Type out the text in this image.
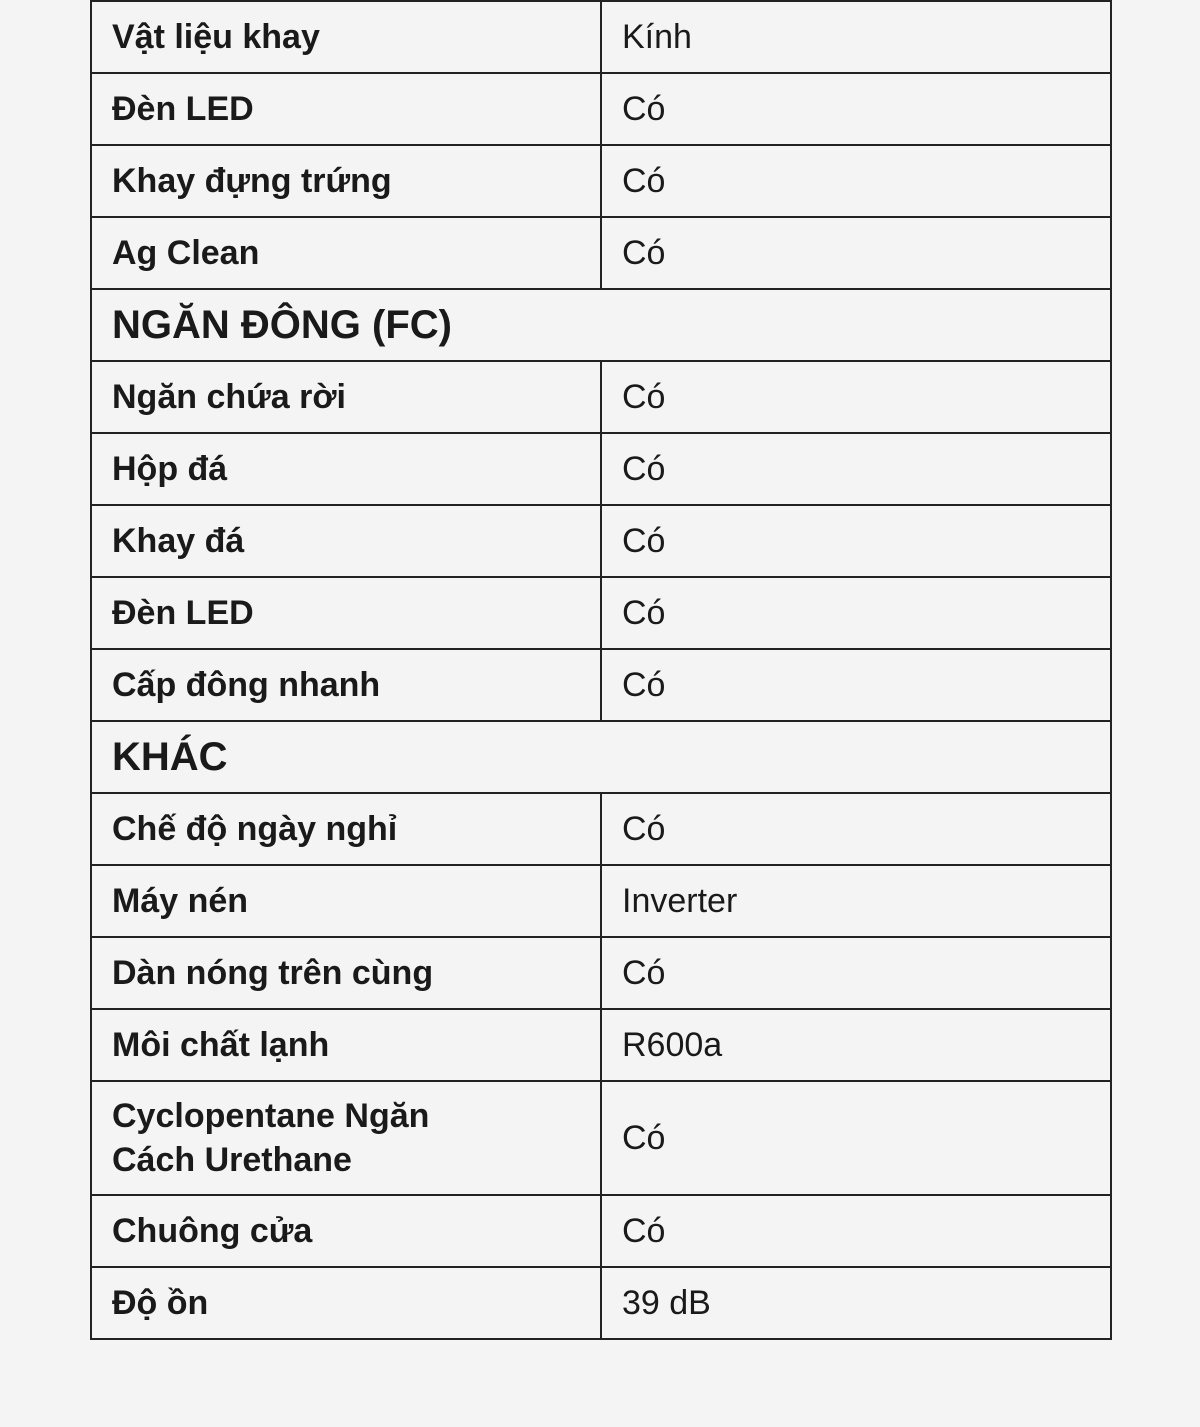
Vật liệu khay	Kính
Đèn LED	Có
Khay đựng trứng	Có
Ag Clean	Có
NGĂN ĐÔNG (FC)	
Ngăn chứa rời	Có
Hộp đá	Có
Khay đá	Có
Đèn LED	Có
Cấp đông nhanh	Có
KHÁC	
Chế độ ngày nghỉ	Có
Máy nén	Inverter
Dàn nóng trên cùng	Có
Môi chất lạnh	R600a

Cyclopentane Ngăn
Cách Urethane	Có
Chuông cửa	Có
Độ ồn	39 dB
